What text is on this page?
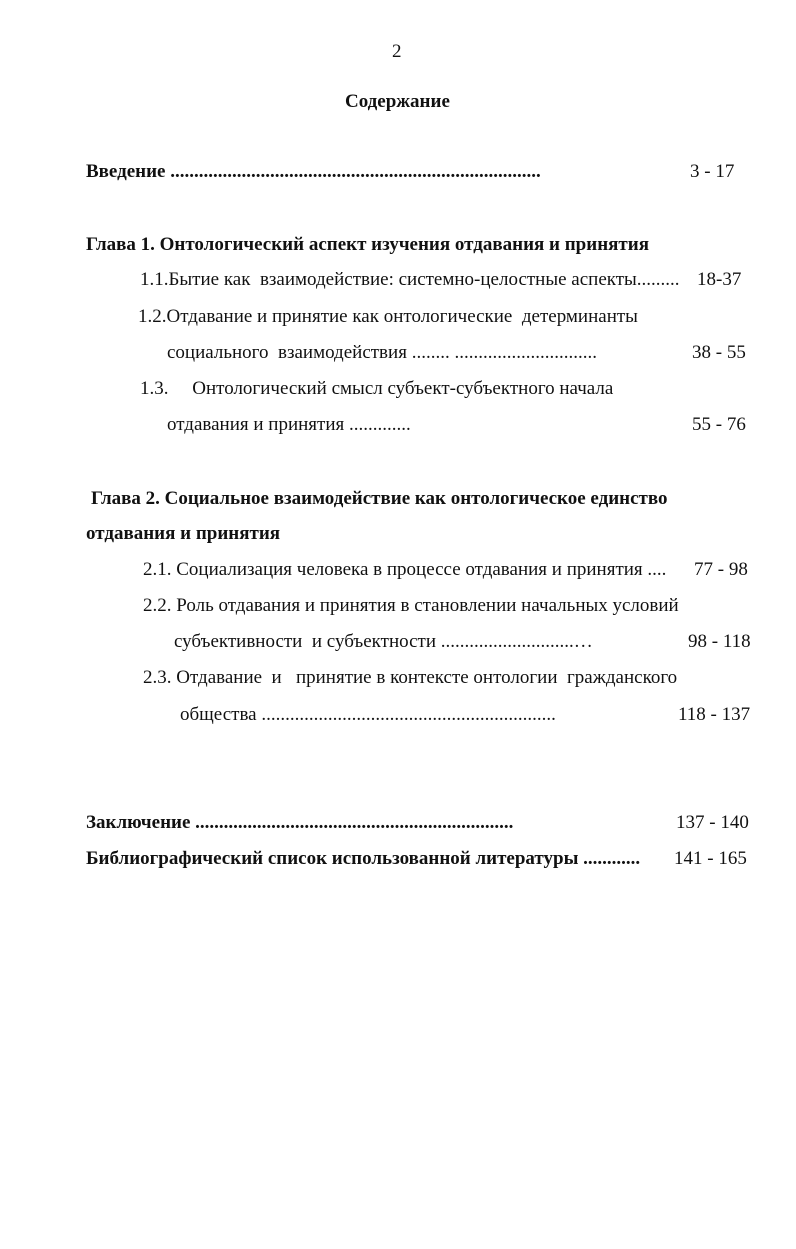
2
Содержание
Введение ..............................................................................	3 - 17
Глава 1. Онтологический аспект изучения отдавания и принятия
1.1.Бытие как  взаимодействие: системно-целостные аспекты......... 18-37
1.2.Отдавание и принятие как онтологические  детерминанты
социального  взаимодействия ........ ..............................	38 - 55
1.3.     Онтологический смысл субъект-субъектного начала
отдавания и принятия .............	55 - 76
Глава 2. Социальное взаимодействие как онтологическое единство
отдавания и принятия
2.1. Социализация человека в процессе отдавания и принятия ....	77 - 98
2.2. Роль отдавания и принятия в становлении начальных условий
субъективности  и субъектности ............................…	98 - 118
2.3. Отдавание  и   принятие в контексте онтологии  гражданского
общества ..............................................................	118 - 137
Заключение ...................................................................	137 - 140
Библиографический список использованной литературы ............	141 - 165
